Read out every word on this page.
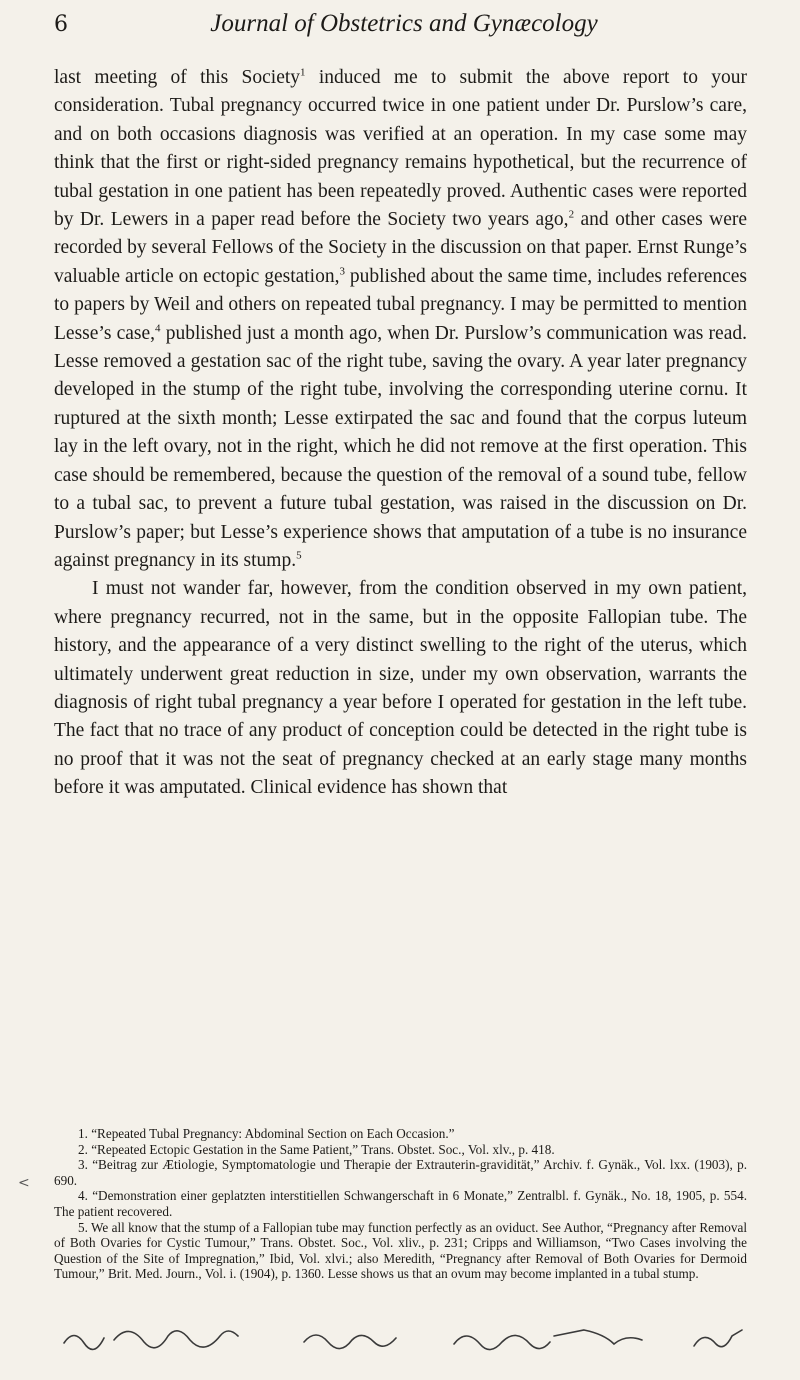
6	Journal of Obstetrics and Gynæcology

last meeting of this Society$^1$ induced me to submit the above report to your consideration. Tubal pregnancy occurred twice in one patient under Dr. Purslow’s care, and on both occasions diagnosis was verified at an operation. In my case some may think that the first or right-sided pregnancy remains hypothetical, but the recurrence of tubal gestation in one patient has been repeatedly proved. Authentic cases were reported by Dr. Lewers in a paper read before the Society two years ago,$^2$ and other cases were recorded by several Fellows of the Society in the discussion on that paper. Ernst Runge’s valuable article on ectopic gestation,$^3$ published about the same time, includes references to papers by Weil and others on repeated tubal pregnancy. I may be permitted to mention Lesse’s case,$^4$ published just a month ago, when Dr. Purslow’s communication was read. Lesse removed a gestation sac of the right tube, saving the ovary. A year later pregnancy developed in the stump of the right tube, involving the corresponding uterine cornu. It ruptured at the sixth month; Lesse extirpated the sac and found that the corpus luteum lay in the left ovary, not in the right, which he did not remove at the first operation. This case should be remembered, because the question of the removal of a sound tube, fellow to a tubal sac, to prevent a future tubal gestation, was raised in the discussion on Dr. Purslow’s paper; but Lesse’s experience shows that amputation of a tube is no insurance against pregnancy in its stump.$^5$

I must not wander far, however, from the condition observed in my own patient, where pregnancy recurred, not in the same, but in the opposite Fallopian tube. The history, and the appearance of a very distinct swelling to the right of the uterus, which ultimately underwent great reduction in size, under my own observation, warrants the diagnosis of right tubal pregnancy a year before I operated for gestation in the left tube. The fact that no trace of any product of conception could be detected in the right tube is no proof that it was not the seat of pregnancy checked at an early stage many months before it was amputated. Clinical evidence has shown that

1. “Repeated Tubal Pregnancy: Abdominal Section on Each Occasion.”

2. “Repeated Ectopic Gestation in the Same Patient,” Trans. Obstet. Soc., Vol. xlv., p. 418.

3. “Beitrag zur Ætiologie, Symptomatologie und Therapie der Extrauterin-gravidität,” Archiv. f. Gynäk., Vol. lxx. (1903), p. 690.

4. “Demonstration einer geplatzten interstitiellen Schwangerschaft in 6 Monate,” Zentralbl. f. Gynäk., No. 18, 1905, p. 554. The patient recovered.

5. We all know that the stump of a Fallopian tube may function perfectly as an oviduct. See Author, “Pregnancy after Removal of Both Ovaries for Cystic Tumour,” Trans. Obstet. Soc., Vol. xliv., p. 231; Cripps and Williamson, “Two Cases involving the Question of the Site of Impregnation,” Ibid, Vol. xlvi.; also Meredith, “Pregnancy after Removal of Both Ovaries for Dermoid Tumour,” Brit. Med. Journ., Vol. i. (1904), p. 1360. Lesse shows us that an ovum may become implanted in a tubal stump.

<
